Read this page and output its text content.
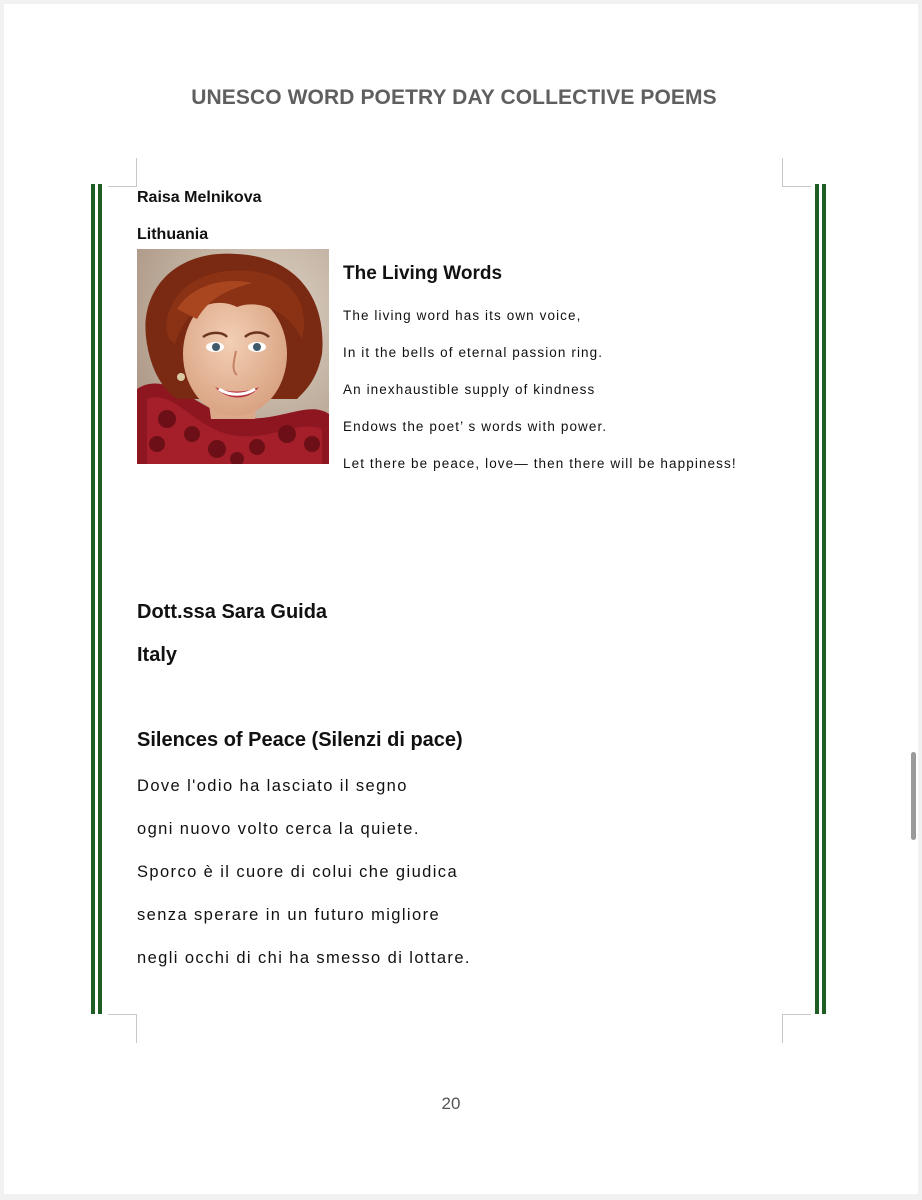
UNESCO WORD POETRY DAY COLLECTIVE POEMS
Raisa Melnikova
Lithuania
The Living Words
The living word has its own voice,
In it the bells of eternal passion ring.
An inexhaustible supply of kindness
Endows the poet’ s words with power.
Let there be peace, love— then there will be happiness!
Dott.ssa Sara Guida
Italy
Silences of Peace (Silenzi di pace)
Dove l'odio ha lasciato il segno
ogni nuovo volto cerca la quiete.
Sporco è il cuore di colui che giudica
senza sperare in un futuro migliore
negli occhi di chi ha smesso di lottare.
20
